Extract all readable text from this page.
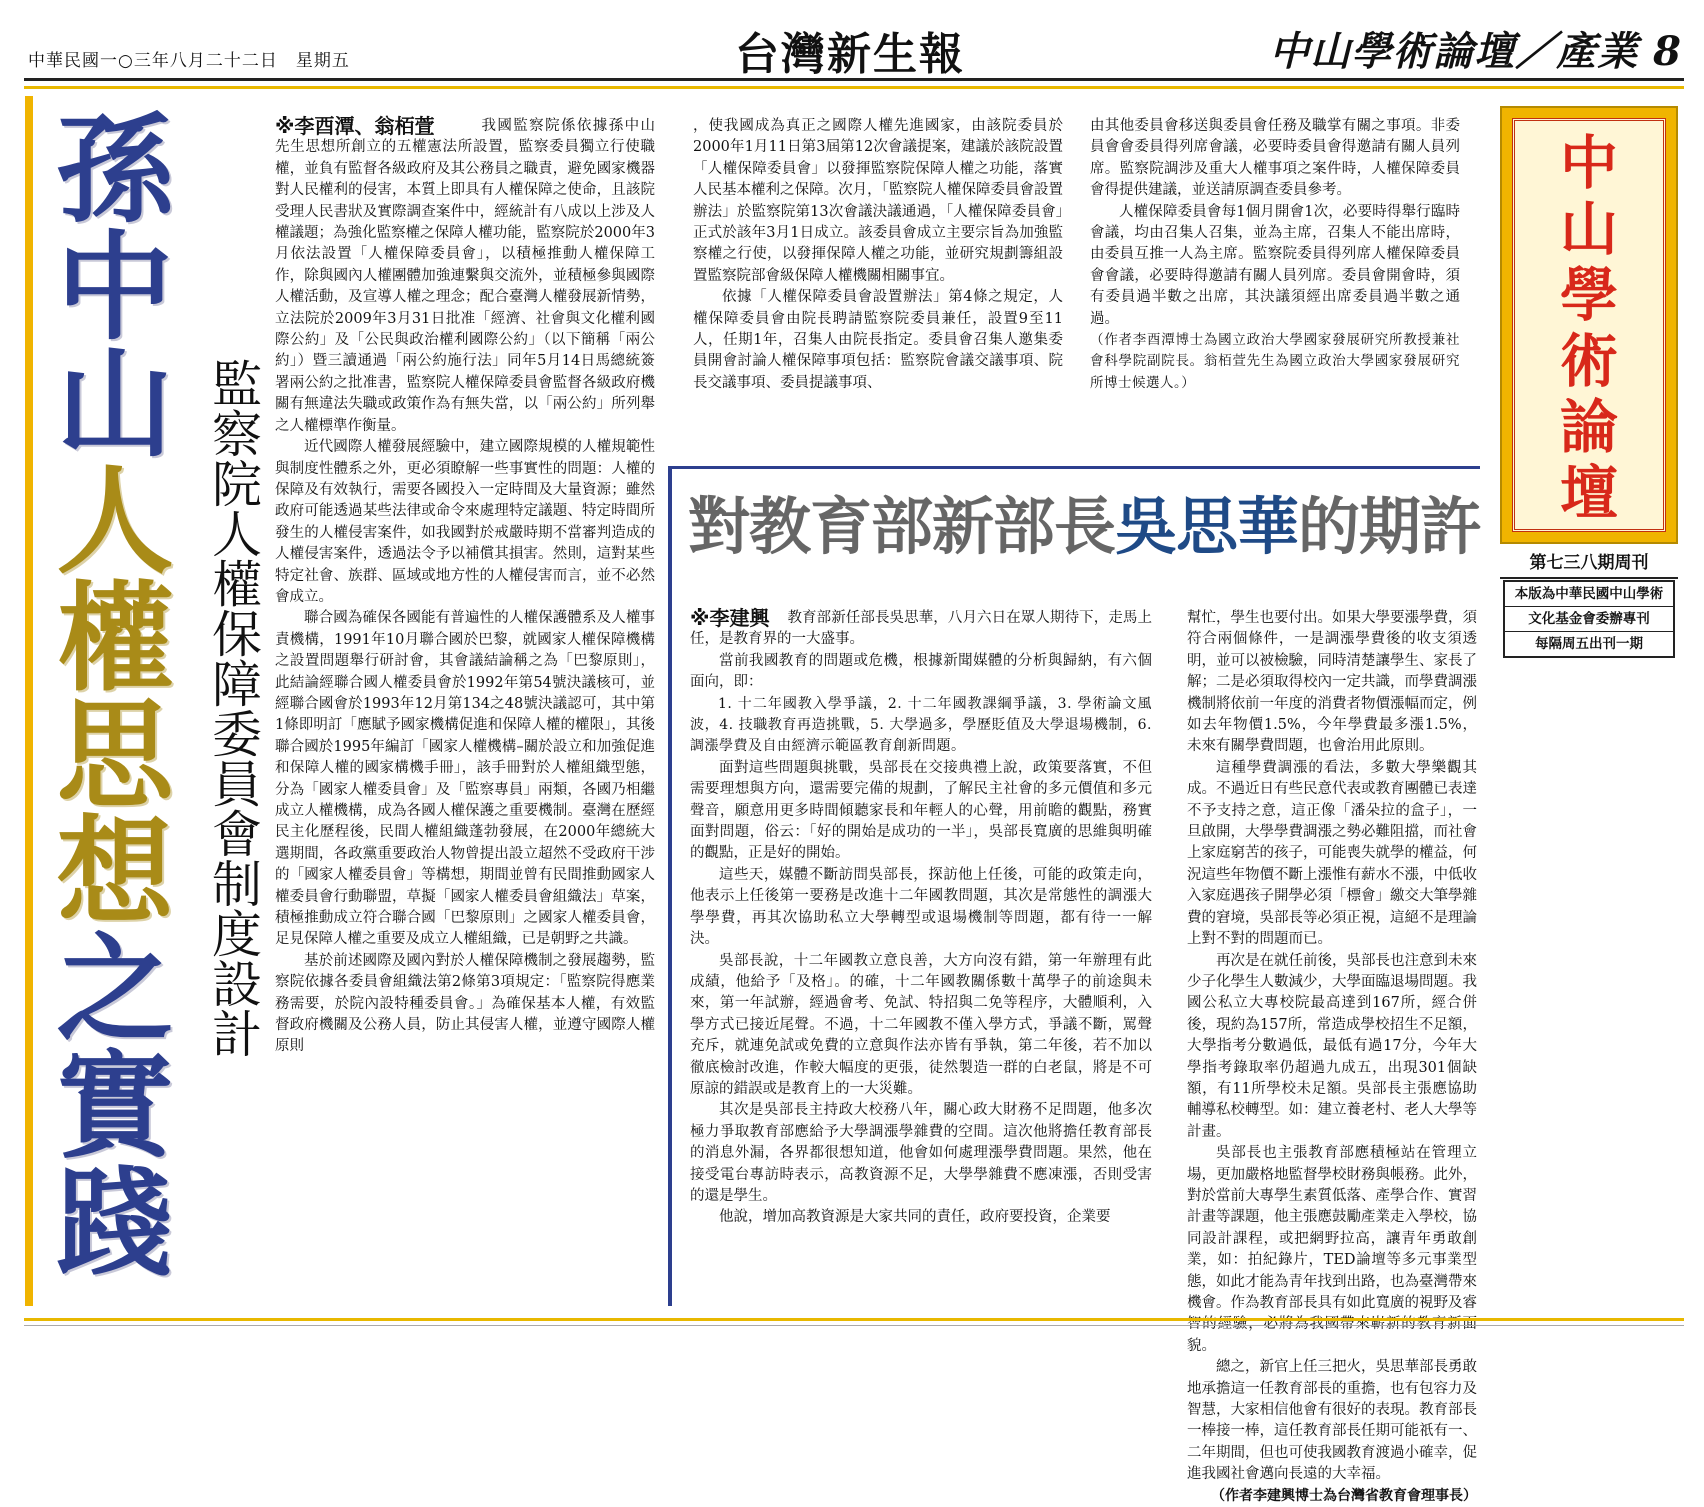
中華民國一○三年八月二十二日　星期五	台灣新生報	中山學術論壇／產業 8
孫
中
山
人
權
思
想
之
實
踐
監察院人權保障委員會制度設計
※李酉潭、翁栢萱	我國監察院係依據孫中山先生思想所創立的五權憲法所設置，監察委員獨立行使職權，並負有監督各級政府及其公務員之職責，避免國家機器對人民權利的侵害，本質上即具有人權保障之使命，且該院受理人民書狀及實際調查案件中，經統計有八成以上涉及人權議題；為強化監察權之保障人權功能，監察院於2000年3月依法設置「人權保障委員會」，以積極推動人權保障工作，除與國內人權團體加強連繫與交流外，並積極參與國際人權活動，及宣導人權之理念；配合臺灣人權發展新情勢，立法院於2009年3月31日批准「經濟、社會與文化權利國際公約」及「公民與政治權利國際公約」（以下簡稱「兩公約」）暨三讀通過「兩公約施行法」同年5月14日馬總統簽署兩公約之批准書，監察院人權保障委員會監督各級政府機關有無違法失職或政策作為有無失當，以「兩公約」所列舉之人權標準作衡量。

近代國際人權發展經驗中，建立國際規模的人權規範性與制度性體系之外，更必須瞭解一些事實性的問題：人權的保障及有效執行，需要各國投入一定時間及大量資源；雖然政府可能透過某些法律或命令來處理特定議題、特定時間所發生的人權侵害案件，如我國對於戒嚴時期不當審判造成的人權侵害案件，透過法令予以補償其損害。然則，這對某些特定社會、族群、區域或地方性的人權侵害而言，並不必然會成立。

聯合國為確保各國能有普遍性的人權保護體系及人權事責機構，1991年10月聯合國於巴黎，就國家人權保障機構之設置問題舉行研討會，其會議結論稱之為「巴黎原則」，此結論經聯合國人權委員會於1992年第54號決議核可，並經聯合國會於1993年12月第134之48號決議認可，其中第1條即明訂「應賦予國家機構促進和保障人權的權限」，其後聯合國於1995年編訂「國家人權機構–關於設立和加強促進和保障人權的國家構機手冊」，該手冊對於人權組織型態，分為「國家人權委員會」及「監察專員」兩類，各國乃相繼成立人權機構，成為各國人權保護之重要機制。臺灣在歷經民主化歷程後，民間人權組織蓬勃發展，在2000年總統大選期間，各政黨重要政治人物曾提出設立超然不受政府干涉的「國家人權委員會」等構想，期間並曾有民間推動國家人權委員會行動聯盟，草擬「國家人權委員會組織法」草案，積極推動成立符合聯合國「巴黎原則」之國家人權委員會，足見保障人權之重要及成立人權組織，已是朝野之共識。

基於前述國際及國內對於人權保障機制之發展趨勢，監察院依據各委員會組織法第2條第3項規定：「監察院得應業務需要，於院內設特種委員會。」為確保基本人權，有效監督政府機關及公務人員，防止其侵害人權，並遵守國際人權原則

，使我國成為真正之國際人權先進國家，由該院委員於2000年1月11日第3屆第12次會議提案，建議於該院設置「人權保障委員會」以發揮監察院保障人權之功能，落實人民基本權利之保障。次月，「監察院人權保障委員會設置辦法」於監察院第13次會議決議通過，「人權保障委員會」正式於該年3月1日成立。該委員會成立主要宗旨為加強監察權之行使，以發揮保障人權之功能，並研究規劃籌組設置監察院部會級保障人權機關相關事宜。

依據「人權保障委員會設置辦法」第4條之規定，人權保障委員會由院長聘請監察院委員兼任，設置9至11人，任期1年，召集人由院長指定。委員會召集人邀集委員開會討論人權保障事項包括：監察院會議交議事項、院長交議事項、委員提議事項、

由其他委員會移送與委員會任務及職掌有關之事項。非委員會會委員得列席會議，必要時委員會得邀請有關人員列席。監察院調涉及重大人權事項之案件時，人權保障委員會得提供建議，並送請原調查委員參考。

人權保障委員會每1個月開會1次，必要時得舉行臨時會議，均由召集人召集，並為主席，召集人不能出席時，由委員互推一人為主席。監察院委員得列席人權保障委員會會議，必要時得邀請有關人員列席。委員會開會時，須有委員過半數之出席，其決議須經出席委員過半數之通過。

（作者李酉潭博士為國立政治大學國家發展研究所教授兼社會科學院副院長。翁栢萱先生為國立政治大學國家發展研究所博士候選人。）

對教育部新部長吳思華的期許
※李建興	教育部新任部長吳思華，八月六日在眾人期待下，走馬上任，是教育界的一大盛事。

當前我國教育的問題或危機，根據新聞媒體的分析與歸納，有六個面向，即：

1. 十二年國教入學爭議，2. 十二年國教課綱爭議，3. 學術論文風波，4. 技職教育再造挑戰，5. 大學過多，學歷貶值及大學退場機制，6. 調漲學費及自由經濟示範區教育創新問題。

面對這些問題與挑戰，吳部長在交接典禮上說，政策要落實，不但需要理想與方向，還需要完備的規劃，了解民主社會的多元價值和多元聲音，願意用更多時間傾聽家長和年輕人的心聲，用前瞻的觀點，務實面對問題，俗云：「好的開始是成功的一半」，吳部長寬廣的思維與明確的觀點，正是好的開始。

這些天，媒體不斷訪問吳部長，探訪他上任後，可能的政策走向，他表示上任後第一要務是改進十二年國教問題，其次是常態性的調漲大學學費，再其次協助私立大學轉型或退場機制等問題，都有待一一解決。

吳部長說，十二年國教立意良善，大方向沒有錯，第一年辦理有此成績，他給予「及格」。的確，十二年國教關係數十萬學子的前途與未來，第一年試辦，經過會考、免試、特招與二免等程序，大體順利，入學方式已接近尾聲。不過，十二年國教不僅入學方式，爭議不斷，罵聲充斥，就連免試或免費的立意與作法亦皆有爭執，第二年後，若不加以徹底檢討改進，作較大幅度的更張，徒然製造一群的白老鼠，將是不可原諒的錯誤或是教育上的一大災難。

其次是吳部長主持政大校務八年，關心政大財務不足問題，他多次極力爭取教育部應給予大學調漲學雜費的空間。這次他將擔任教育部長的消息外漏，各界都很想知道，他會如何處理漲學費問題。果然，他在接受電台專訪時表示，高教資源不足，大學學雜費不應凍漲，否則受害的還是學生。

他說，增加高教資源是大家共同的責任，政府要投資，企業要

幫忙，學生也要付出。如果大學要漲學費，須符合兩個條件，一是調漲學費後的收支須透明，並可以被檢驗，同時清楚讓學生、家長了解；二是必須取得校內一定共識，而學費調漲機制將依前一年度的消費者物價漲幅而定，例如去年物價1.5%，今年學費最多漲1.5%，未來有關學費問題，也會治用此原則。

這種學費調漲的看法，多數大學樂觀其成。不過近日有些民意代表或教育團體已表達不予支持之意，這正像「潘朵拉的盒子」，一旦啟開，大學學費調漲之勢必難阻擋，而社會上家庭窮苦的孩子，可能喪失就學的權益，何況這些年物價不斷上漲惟有薪水不漲，中低收入家庭遇孩子開學必須「標會」繳交大筆學雜費的窘境，吳部長等必須正視，這絕不是理論上對不對的問題而已。

再次是在就任前後，吳部長也注意到未來少子化學生人數減少，大學面臨退場問題。我國公私立大專校院最高達到167所，經合併後，現約為157所，常造成學校招生不足額，大學指考分數過低，最低有過17分，今年大學指考錄取率仍超過九成五，出現301個缺額，有11所學校未足額。吳部長主張應協助輔導私校轉型。如：建立養老村、老人大學等計畫。

吳部長也主張教育部應積極站在管理立場，更加嚴格地監督學校財務與帳務。此外，對於當前大專學生素質低落、產學合作、實習計畫等課題，他主張應鼓勵產業走入學校，協同設計課程，或把網野拉高，讓青年勇敢創業，如：拍紀錄片，TED論壇等多元事業型態，如此才能為青年找到出路，也為臺灣帶來機會。作為教育部長具有如此寬廣的視野及睿智的經驗，必將為我國帶來嶄新的教育新面貌。

總之，新官上任三把火，吳思華部長勇敢地承擔這一任教育部長的重擔，也有包容力及智慧，大家相信他會有很好的表現。教育部長一棒接一棒，這任教育部長任期可能祇有一、二年期間，但也可使我國教育渡過小確幸，促進我國社會邁向長遠的大幸福。

（作者李建興博士為台灣省教育會理事長）

中
山
學
術
論
壇
第七三八期周刊
本版為中華民國中山學術
文化基金會委辦專刊
每隔周五出刊一期
